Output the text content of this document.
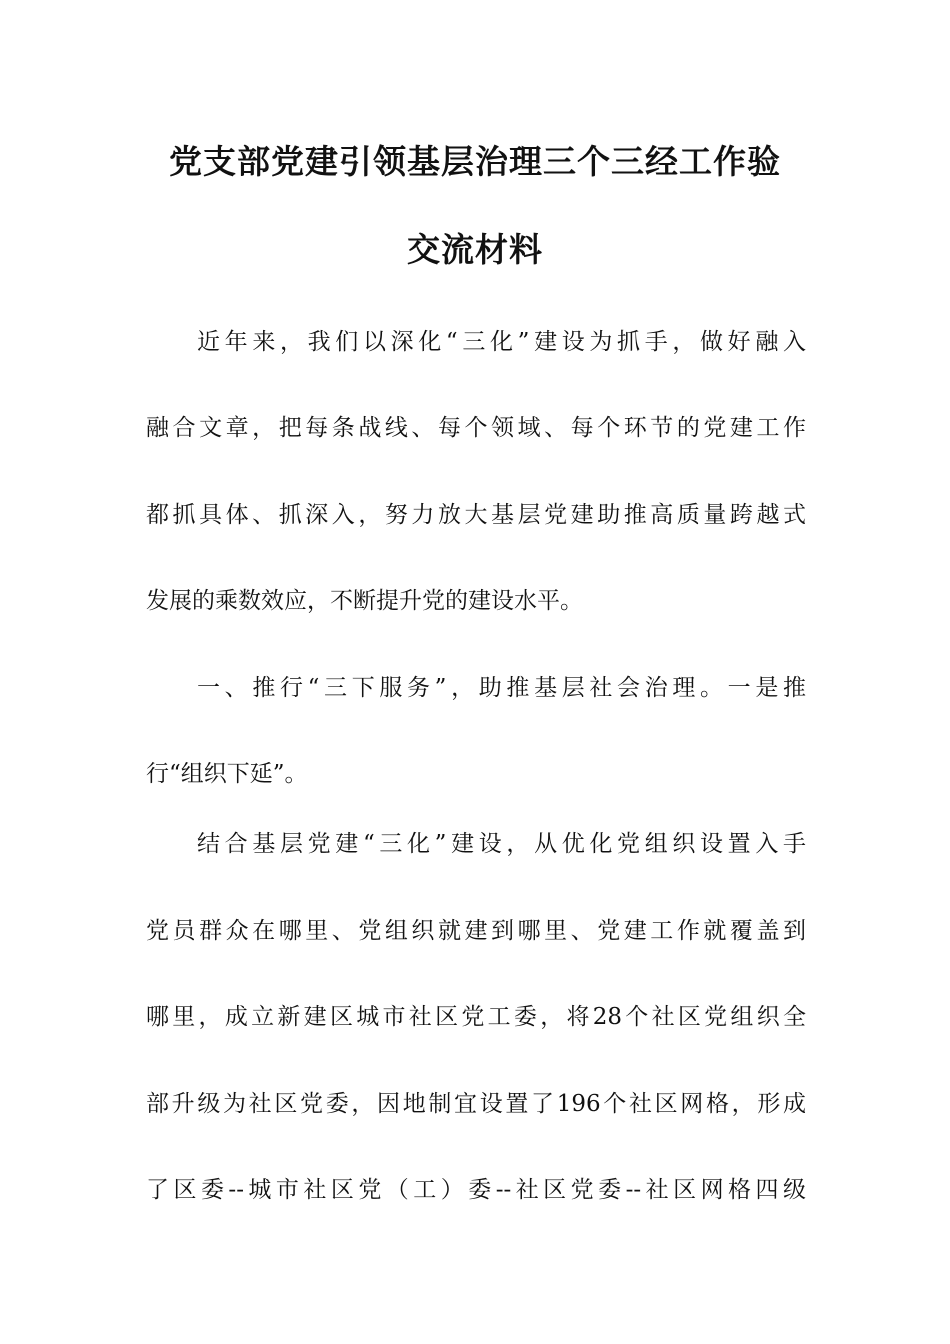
党支部党建引领基层治理三个三经工作验
交流材料
近年来，我们以深化“三化”建设为抓手，做好融入
融合文章，把每条战线、每个领域、每个环节的党建工作
都抓具体、抓深入，努力放大基层党建助推高质量跨越式
发展的乘数效应，不断提升党的建设水平。
一、推行“三下服务”，助推基层社会治理。一是推
行“组织下延”。
结合基层党建“三化”建设，从优化党组织设置入手
党员群众在哪里、党组织就建到哪里、党建工作就覆盖到
哪里，成立新建区城市社区党工委，将28个社区党组织全
部升级为社区党委，因地制宜设置了196个社区网格，形成
了区委--城市社区党（工）委--社区党委--社区网格四级
